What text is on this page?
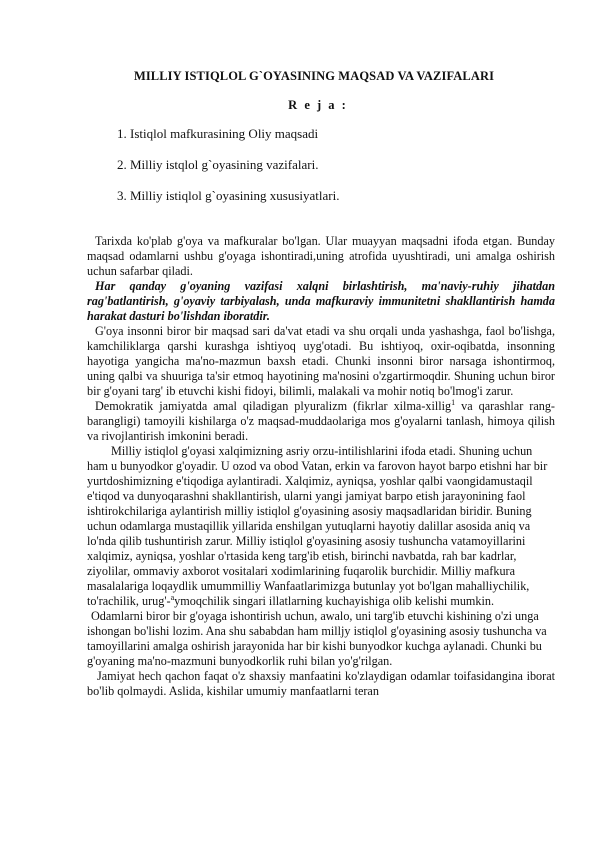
MILLIY ISTIQLOL G`OYASINING MAQSAD VA VAZIFALARI
R e j a :
1. Istiqlol mafkurasining Oliy maqsadi
2. Milliy istqlol g`oyasining vazifalari.
3. Milliy istiqlol g`oyasining xususiyatlari.

Tarixda ko'plab g'oya va mafkuralar bo'lgan. Ular muayyan maqsadni ifoda etgan. Bunday maqsad odamlarni ushbu g'oyaga ishontiradi,uning atrofida uyushtiradi, uni amalga oshirish uchun safarbar qiladi.

Har qanday g'oyaning vazifasi xalqni birlashtirish, ma'naviy-ruhiy jihatdan rag'batlantirish, g'oyaviy tarbiyalash, unda mafkuraviy immunitetni shakllantirish hamda harakat dasturi bo'lishdan iboratdir.

G'oya insonni biror bir maqsad sari da'vat etadi va shu orqali unda yashashga, faol bo'lishga, kamchiliklarga qarshi kurashga ishtiyoq uyg'otadi. Bu ishtiyoq, oxir-oqibatda, insonning hayotiga yangicha ma'no-mazmun baxsh etadi. Chunki insonni biror narsaga ishontirmoq, uning qalbi va shuuriga ta'sir etmoq hayotining ma'nosini o'zgartirmoqdir. Shuning uchun biror bir g'oyani targ' ib etuvchi kishi fidoyi, bilimli, malakali va mohir notiq bo'lmog'i zarur.

Demokratik jamiyatda amal qiladigan plyuralizm (fikrlar xilma-xillig$^1$ va qarashlar rang-barangligi) tamoyili kishilarga o'z maqsad-muddaolariga mos g'oyalarni tanlash, himoya qilish va rivojlantirish imkonini beradi.

Milliy istiqlol g'oyasi xalqimizning asriy orzu-intilishlarini ifoda etadi. Shuning uchun ham u bunyodkor g'oyadir. U ozod va obod Vatan, erkin va farovon hayot barpo etishni har bir yurtdoshimizning e'tiqodiga aylantiradi. Xalqimiz, ayniqsa, yoshlar qalbi vaongidamustaqil e'tiqod va dunyoqarashni shakllantirish, ularni yangi jamiyat barpo etish jarayonining faol ishtirokchilariga aylantirish milliy istiqlol g'oyasining asosiy maqsadlaridan biridir. Buning uchun odamlarga mustaqillik yillarida enshilgan yutuqlarni hayotiy dalillar asosida aniq va lo'nda qilib tushuntirish zarur. Milliy istiqlol g'oyasining asosiy tushuncha vatamoyillarini xalqimiz, ayniqsa, yoshlar o'rtasida keng targ'ib etish, birinchi navbatda, rah bar kadrlar, ziyolilar, ommaviy axborot vositalari xodimlarining fuqarolik burchidir. Milliy mafkura masalalariga loqaydlik umummilliy Wanfaatlarimizga butunlay yot bo'lgan mahalliychilik, to'rachilik, urug'-$^a$ymoqchilik singari illatlarning kuchayishiga olib kelishi mumkin.

Odamlarni biror bir g'oyaga ishontirish uchun, awalo, uni targ'ib etuvchi kishining o'zi unga ishongan bo'lishi lozim. Ana shu sababdan ham milljy istiqlol g'oyasining asosiy tushuncha va tamoyillarini amalga oshirish jarayonida har bir kishi bunyodkor kuchga aylanadi. Chunki bu g'oyaning ma'no-mazmuni bunyodkorlik ruhi bilan yo'g'rilgan.

Jamiyat hech qachon faqat o'z shaxsiy manfaatini ko'zlaydigan odamlar toifasidangina iborat bo'lib qolmaydi. Aslida, kishilar umumiy manfaatlarni teran
